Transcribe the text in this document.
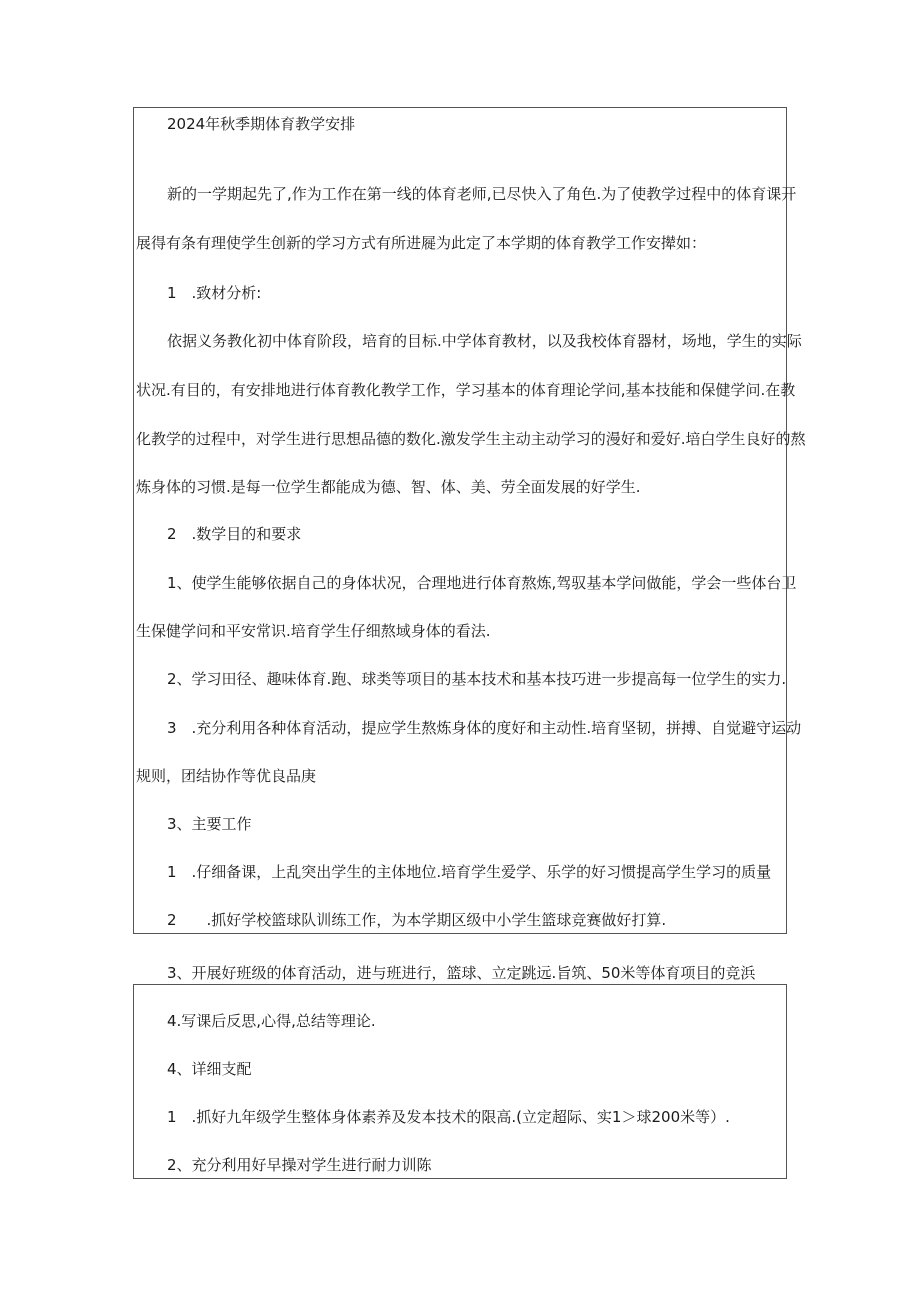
2024年秋季期体育教学安排
新的一学期起先了,作为工作在第一线的体育老师,已尽快入了角色.为了使教学过程中的体育课开
展得有条有理使学生创新的学习方式有所进屣为此定了本学期的体育教学工作安撵如：
1　.致材分析:
依据义务教化初中体育阶段，培育的目标.中学体育教材，以及我校体育器材，场地，学生的实际
状况.有目的，有安排地进行体育教化教学工作，学习基本的体育理论学问,基本技能和保健学问.在教
化教学的过程中，对学生进行思想品德的数化.激发学生主动主动学习的漫好和爱好.培白学生良好的熬
炼身体的习惯.是每一位学生都能成为德、智、体、美、劳全面发展的好学生.
2　.数学目的和要求
1、使学生能够依据自己的身体状况，合理地进行体育熬炼,驾驭基本学问做能，学会一些体台卫
生保健学问和平安常识.培育学生仔细熬域身体的看法.
2、学习田径、趣味体育.跑、球类等项目的基本技术和基本技巧进一步提高每一位学生的实力.
3　.充分利用各种体育活动，提应学生熬炼身体的度好和主动性.培育坚韧，拼搏、自觉避守运动
规则，团结协作等优良品庚
3、主要工作
1　.仔细备课，上乱突出学生的主体地位.培育学生爱学、乐学的好习惯提高学生学习的质量
2　　.抓好学校篮球队训练工作，为本学期区级中小学生篮球竞赛做好打算.
3、开展好班级的体育活动，进与班进行，篮球、立定跳远.旨筑、50米等体育项目的竞浜
4.写课后反思,心得,总结等理论.
4、详细支配
1　.抓好九年级学生整体身体素养及发本技术的限高.(立定超际、实1＞球200米等）.
2、充分利用好早操对学生进行耐力训陈
